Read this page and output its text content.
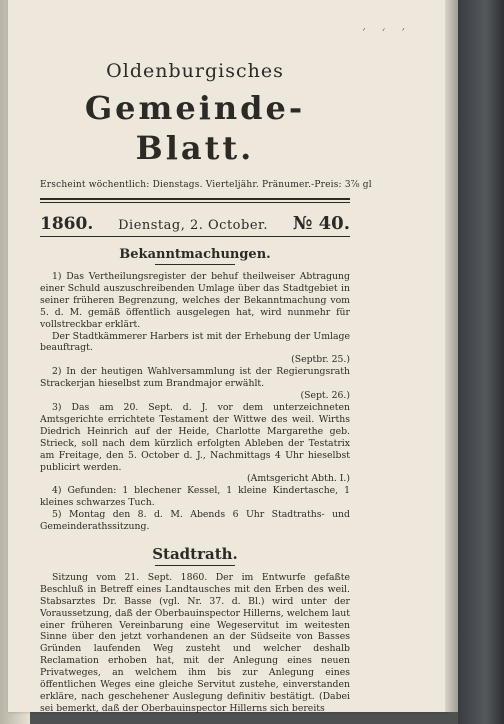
’ ‘ ’
Oldenburgisches
Gemeinde-Blatt.
Erscheint wöchentlich: Dienstags. Vierteljähr. Pränumer.-Preis: 3⅞ gl
1860. Dienstag, 2. October. № 40.
Bekanntmachungen.

1) Das Vertheilungsregister der behuf theilweiser Abtragung einer Schuld auszuschreibenden Umlage über das Stadtgebiet in seiner früheren Begrenzung, welches der Bekanntmachung vom 5. d. M. gemäß öffentlich ausgelegen hat, wird nunmehr für vollstreckbar erklärt.

Der Stadtkämmerer Harbers ist mit der Erhebung der Umlage beauftragt.

(Septbr. 25.)

2) In der heutigen Wahlversammlung ist der Regierungsrath Strackerjan hieselbst zum Brandmajor erwählt.

(Sept. 26.)

3) Das am 20. Sept. d. J. vor dem unterzeichneten Amtsgerichte errichtete Testament der Wittwe des weil. Wirths Diedrich Heinrich auf der Heide, Charlotte Margarethe geb. Strieck, soll nach dem kürzlich erfolgten Ableben der Testatrix am Freitage, den 5. October d. J., Nachmittags 4 Uhr hieselbst publicirt werden.

(Amtsgericht Abth. I.)

4) Gefunden: 1 blechener Kessel, 1 kleine Kindertasche, 1 kleines schwarzes Tuch.

5) Montag den 8. d. M. Abends 6 Uhr Stadtraths- und Gemeinderathssitzung.

Stadtrath.

Sitzung vom 21. Sept. 1860. Der im Entwurfe gefaßte Beschluß in Betreff eines Landtausches mit den Erben des weil. Stabsarztes Dr. Basse (vgl. Nr. 37. d. Bl.) wird unter der Voraussetzung, daß der Oberbauinspector Hillerns, welchem laut einer früheren Vereinbarung eine Wegeservitut im weitesten Sinne über den jetzt vorhandenen an der Südseite von Basses Gründen laufenden Weg zusteht und welcher deshalb Reclamation erhoben hat, mit der Anlegung eines neuen Privatweges, an welchem ihm bis zur Anlegung eines öffentlichen Weges eine gleiche Servitut zustehe, einverstanden erkläre, nach geschehener Auslegung definitiv bestätigt. (Dabei sei bemerkt, daß der Oberbauinspector Hillerns sich bereits
